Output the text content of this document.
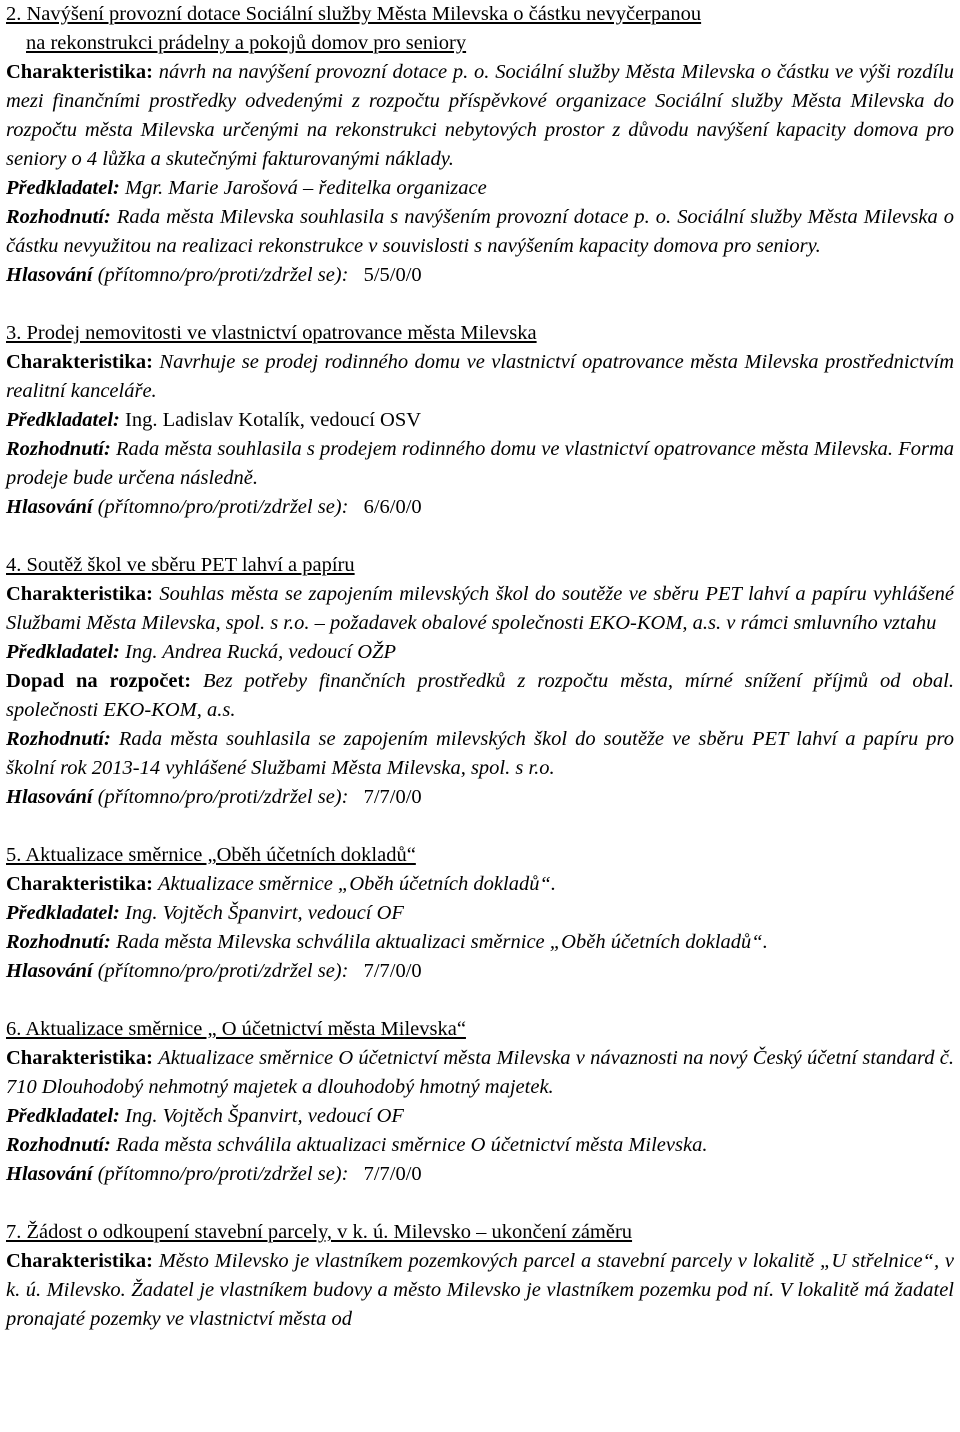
2. Navýšení provozní dotace Sociální služby Města Milevska o částku nevyčerpanou
na rekonstrukci prádelny a pokojů domov pro seniory
Charakteristika: návrh na navýšení provozní dotace p. o. Sociální služby Města Milevska o částku ve výši rozdílu mezi finančními prostředky odvedenými z rozpočtu příspěvkové organizace Sociální služby Města Milevska do rozpočtu města Milevska určenými na rekonstrukci nebytových prostor z důvodu navýšení kapacity domova pro seniory o 4 lůžka a skutečnými fakturovanými náklady.
Předkladatel: Mgr. Marie Jarošová – ředitelka organizace
Rozhodnutí: Rada města Milevska souhlasila s navýšením provozní dotace p. o. Sociální služby Města Milevska o částku nevyužitou na realizaci rekonstrukce v souvislosti s navýšením kapacity domova pro seniory.
Hlasování (přítomno/pro/proti/zdržel se): 5/5/0/0
3. Prodej nemovitosti ve vlastnictví opatrovance města Milevska
Charakteristika: Navrhuje se prodej rodinného domu ve vlastnictví opatrovance města Milevska prostřednictvím realitní kanceláře.
Předkladatel: Ing. Ladislav Kotalík, vedoucí OSV
Rozhodnutí: Rada města souhlasila s prodejem rodinného domu ve vlastnictví opatrovance města Milevska. Forma prodeje bude určena následně.
Hlasování (přítomno/pro/proti/zdržel se): 6/6/0/0
4. Soutěž škol ve sběru PET lahví a papíru
Charakteristika: Souhlas města se zapojením milevských škol do soutěže ve sběru PET lahví a papíru vyhlášené Službami Města Milevska, spol. s r.o. – požadavek obalové společnosti EKO-KOM, a.s. v rámci smluvního vztahu
Předkladatel: Ing. Andrea Rucká, vedoucí OŽP
Dopad na rozpočet: Bez potřeby finančních prostředků z rozpočtu města, mírné snížení příjmů od obal. společnosti EKO-KOM, a.s.
Rozhodnutí: Rada města souhlasila se zapojením milevských škol do soutěže ve sběru PET lahví a papíru pro školní rok 2013-14 vyhlášené Službami Města Milevska, spol. s r.o.
Hlasování (přítomno/pro/proti/zdržel se): 7/7/0/0
5. Aktualizace směrnice „Oběh účetních dokladů“
Charakteristika: Aktualizace směrnice „Oběh účetních dokladů“.
Předkladatel: Ing. Vojtěch Španvirt, vedoucí OF
Rozhodnutí: Rada města Milevska schválila aktualizaci směrnice „Oběh účetních dokladů“.
Hlasování (přítomno/pro/proti/zdržel se): 7/7/0/0
6. Aktualizace směrnice „ O účetnictví města Milevska“
Charakteristika: Aktualizace směrnice O účetnictví města Milevska v návaznosti na nový Český účetní standard č. 710 Dlouhodobý nehmotný majetek a dlouhodobý hmotný majetek.
Předkladatel: Ing. Vojtěch Španvirt, vedoucí OF
Rozhodnutí: Rada města schválila aktualizaci směrnice O účetnictví města Milevska.
Hlasování (přítomno/pro/proti/zdržel se): 7/7/0/0
7. Žádost o odkoupení stavební parcely, v k. ú. Milevsko – ukončení záměru
Charakteristika: Město Milevsko je vlastníkem pozemkových parcel a stavební parcely v lokalitě „U střelnice“, v k. ú. Milevsko. Žadatel je vlastníkem budovy a město Milevsko je vlastníkem pozemku pod ní. V lokalitě má žadatel pronajaté pozemky ve vlastnictví města od
